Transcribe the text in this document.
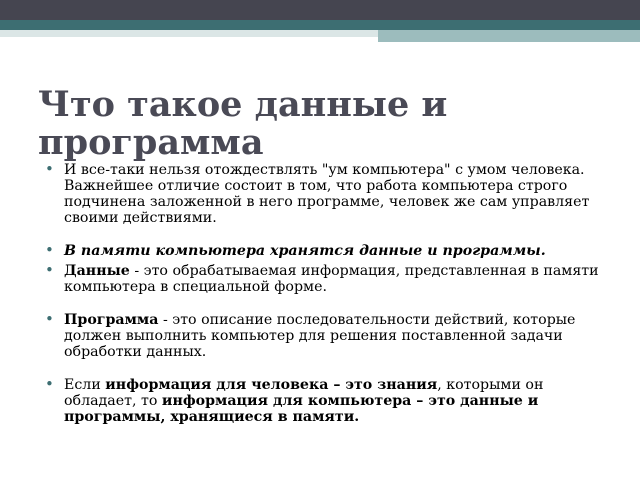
Что такое данные и программа
• И все-таки нельзя отождествлять "ум компьютера" с умом человека. Важнейшее отличие состоит в том, что работа компьютера строго подчинена заложенной в него программе, человек же сам управляет своими действиями.
• В памяти компьютера хранятся данные и программы.
• Данные - это обрабатываемая информация, представленная в памяти компьютера в специальной форме.
• Программа - это описание последовательности действий, которые должен выполнить компьютер для решения поставленной задачи обработки данных.
• Если информация для человека – это знания, которыми он обладает, то информация для компьютера – это данные и программы, хранящиеся в памяти.
